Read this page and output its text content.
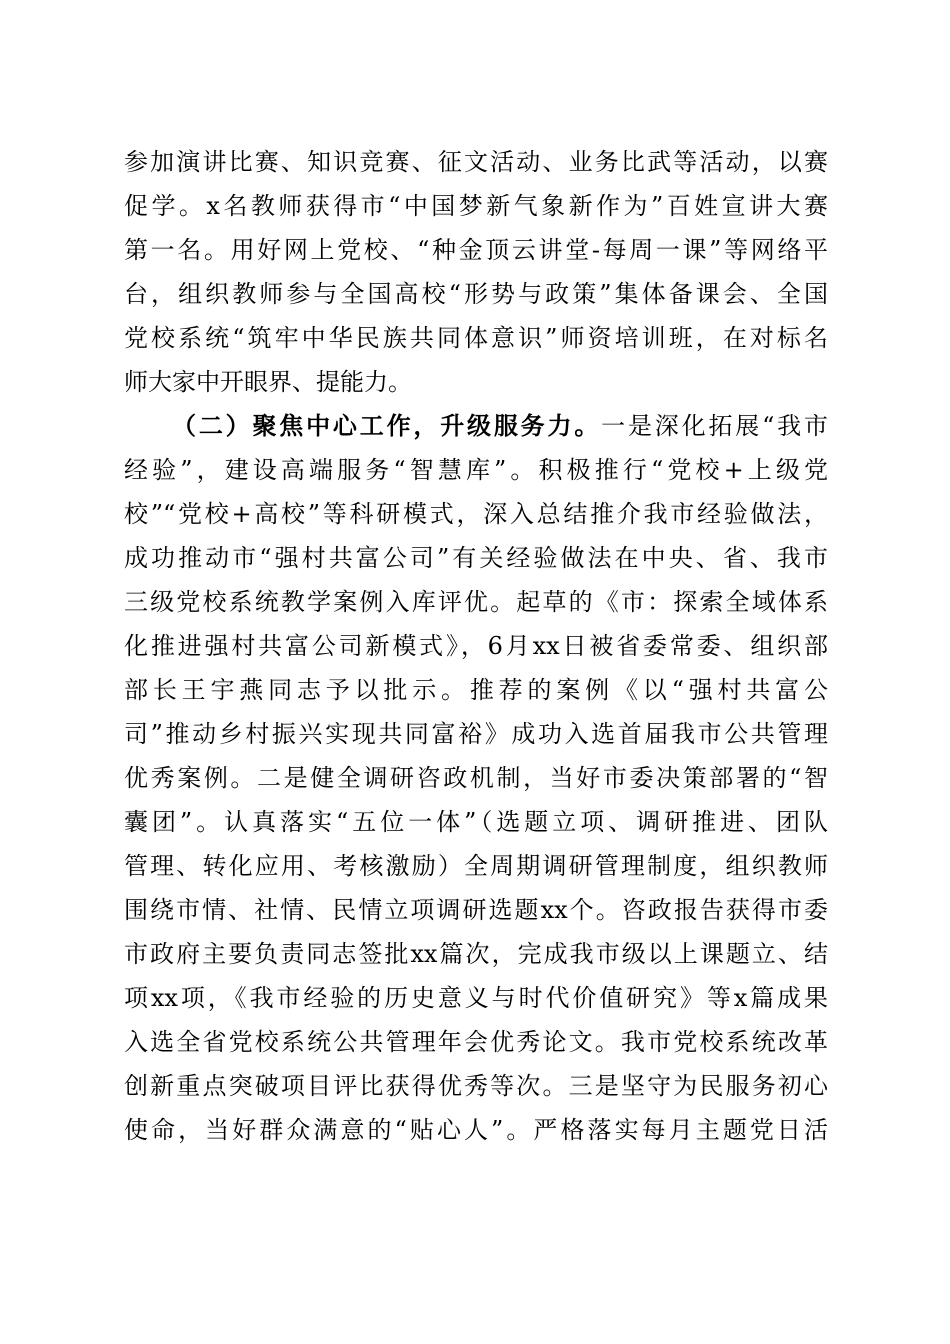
参加演讲比赛、知识竞赛、征文活动、业务比武等活动，以赛
促学。x名教师获得市“中国梦新气象新作为”百姓宣讲大赛
第一名。用好网上党校、“种金顶云讲堂-每周一课”等网络平
台，组织教师参与全国高校“形势与政策”集体备课会、全国
党校系统“筑牢中华民族共同体意识”师资培训班，在对标名
师大家中开眼界、提能力。
（二）聚焦中心工作，升级服务力。一是深化拓展“我市
经验”，建设高端服务“智慧库”。积极推行“党校+上级党
校”“党校+高校”等科研模式，深入总结推介我市经验做法，
成功推动市“强村共富公司”有关经验做法在中央、省、我市
三级党校系统教学案例入库评优。起草的《市：探索全域体系
化推进强村共富公司新模式》，6月xx日被省委常委、组织部
部长王宇燕同志予以批示。推荐的案例《以“强村共富公
司”推动乡村振兴实现共同富裕》成功入选首届我市公共管理
优秀案例。二是健全调研咨政机制，当好市委决策部署的“智
囊团”。认真落实“五位一体”（选题立项、调研推进、团队
管理、转化应用、考核激励）全周期调研管理制度，组织教师
围绕市情、社情、民情立项调研选题xx个。咨政报告获得市委
市政府主要负责同志签批xx篇次，完成我市级以上课题立、结
项xx项，《我市经验的历史意义与时代价值研究》等x篇成果
入选全省党校系统公共管理年会优秀论文。我市党校系统改革
创新重点突破项目评比获得优秀等次。三是坚守为民服务初心
使命，当好群众满意的“贴心人”。严格落实每月主题党日活
